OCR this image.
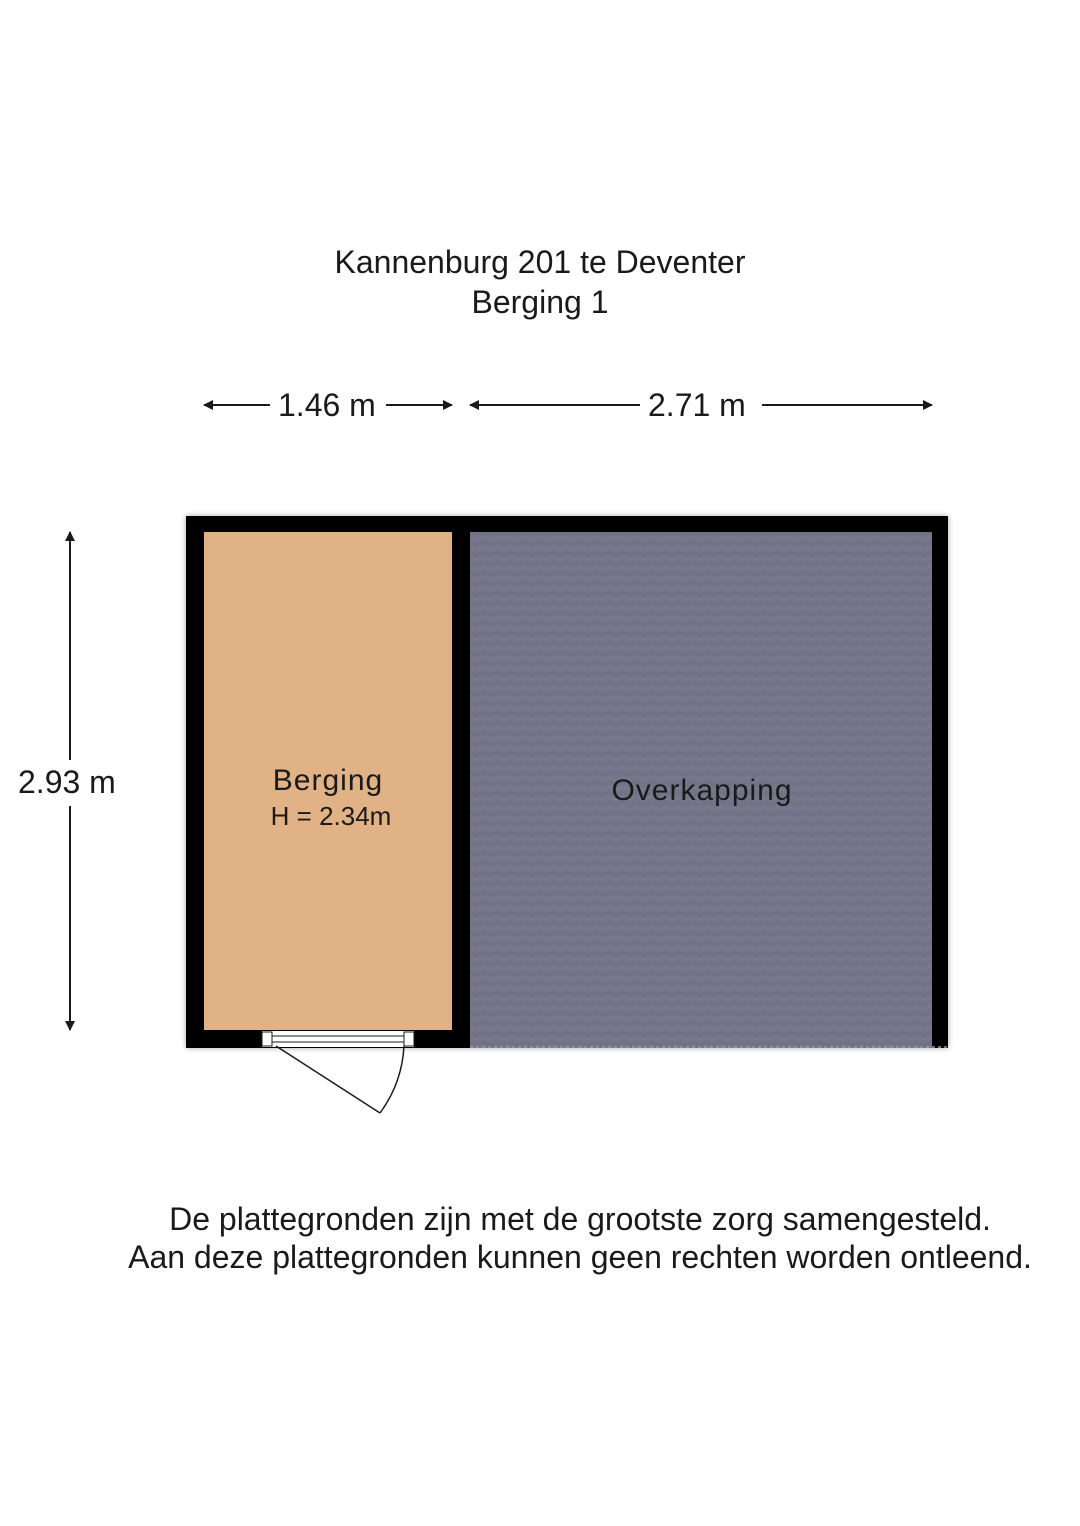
Kannenburg 201 te Deventer
Berging 1
1.46 m	2.71 m
2.93 m	Berging
H = 2.34m
Overkapping
De plattegronden zijn met de grootste zorg samengesteld.
Aan deze plattegronden kunnen geen rechten worden ontleend.
